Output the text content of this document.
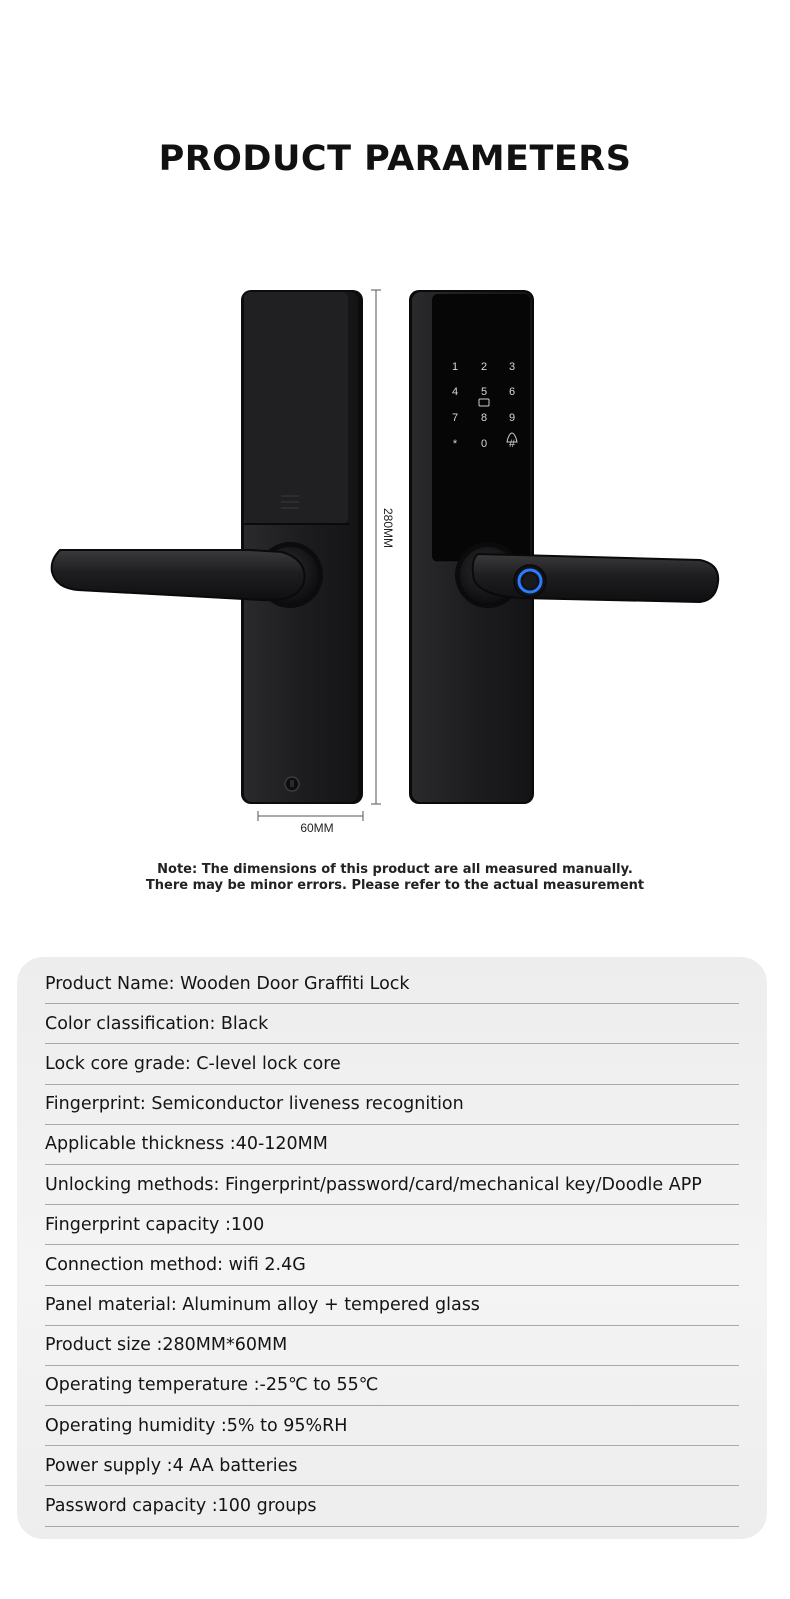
PRODUCT PARAMETERS
280MM
60MM
1 2 3
4 5 6
7 8 9
* 0 #
Note: The dimensions of this product are all measured manually.
There may be minor errors. Please refer to the actual measurement
Product Name: Wooden Door Graffiti Lock
Color classification: Black
Lock core grade: C-level lock core
Fingerprint: Semiconductor liveness recognition
Applicable thickness :40-120MM
Unlocking methods: Fingerprint/password/card/mechanical key/Doodle APP
Fingerprint capacity :100
Connection method: wifi 2.4G
Panel material: Aluminum alloy + tempered glass
Product size :280MM*60MM
Operating temperature :-25℃ to 55℃
Operating humidity :5% to 95%RH
Power supply :4 AA batteries
Password capacity :100 groups
